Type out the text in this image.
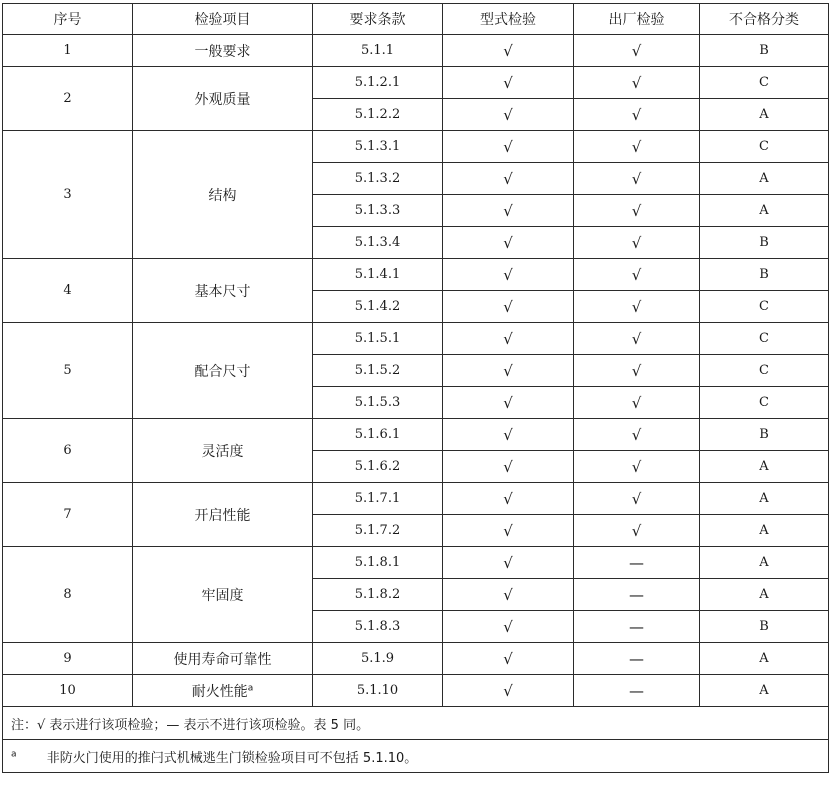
序号	检验项目	要求条款	型式检验	出厂检验	不合格分类
1	一般要求	5.1.1	√	√	B
2	外观质量	5.1.2.1	√	√	C
		5.1.2.2	√	√	A
3	结构	5.1.3.1	√	√	C
		5.1.3.2	√	√	A
		5.1.3.3	√	√	A
		5.1.3.4	√	√	B
4	基本尺寸	5.1.4.1	√	√	B
		5.1.4.2	√	√	C
5	配合尺寸	5.1.5.1	√	√	C
		5.1.5.2	√	√	C
		5.1.5.3	√	√	C
6	灵活度	5.1.6.1	√	√	B
		5.1.6.2	√	√	A
7	开启性能	5.1.7.1	√	√	A
		5.1.7.2	√	√	A
8	牢固度	5.1.8.1	√	—	A
		5.1.8.2	√	—	A
		5.1.8.3	√	—	B
9	使用寿命可靠性	5.1.9	√	—	A
10	耐火性能$^a$	5.1.10	√	—	A
注：√ 表示进行该项检验；— 表示不进行该项检验。表 5 同。					
$^a$ 非防火门使用的推闩式机械逃生门锁检验项目可不包括 5.1.10。					
